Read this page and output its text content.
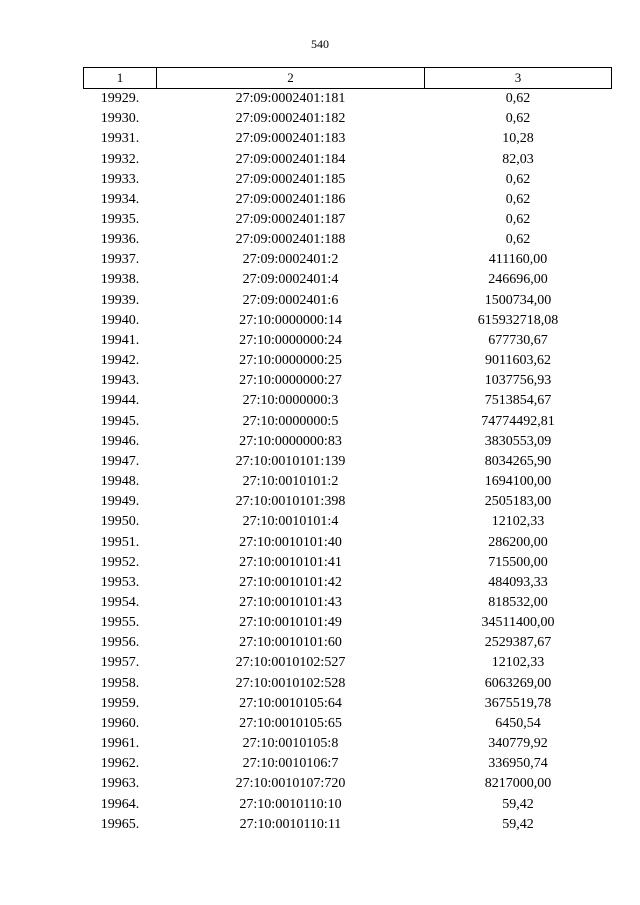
540
1	2	3
19929.	27:09:0002401:181	0,62
19930.	27:09:0002401:182	0,62
19931.	27:09:0002401:183	10,28
19932.	27:09:0002401:184	82,03
19933.	27:09:0002401:185	0,62
19934.	27:09:0002401:186	0,62
19935.	27:09:0002401:187	0,62
19936.	27:09:0002401:188	0,62
19937.	27:09:0002401:2	411160,00
19938.	27:09:0002401:4	246696,00
19939.	27:09:0002401:6	1500734,00
19940.	27:10:0000000:14	615932718,08
19941.	27:10:0000000:24	677730,67
19942.	27:10:0000000:25	9011603,62
19943.	27:10:0000000:27	1037756,93
19944.	27:10:0000000:3	7513854,67
19945.	27:10:0000000:5	74774492,81
19946.	27:10:0000000:83	3830553,09
19947.	27:10:0010101:139	8034265,90
19948.	27:10:0010101:2	1694100,00
19949.	27:10:0010101:398	2505183,00
19950.	27:10:0010101:4	12102,33
19951.	27:10:0010101:40	286200,00
19952.	27:10:0010101:41	715500,00
19953.	27:10:0010101:42	484093,33
19954.	27:10:0010101:43	818532,00
19955.	27:10:0010101:49	34511400,00
19956.	27:10:0010101:60	2529387,67
19957.	27:10:0010102:527	12102,33
19958.	27:10:0010102:528	6063269,00
19959.	27:10:0010105:64	3675519,78
19960.	27:10:0010105:65	6450,54
19961.	27:10:0010105:8	340779,92
19962.	27:10:0010106:7	336950,74
19963.	27:10:0010107:720	8217000,00
19964.	27:10:0010110:10	59,42
19965.	27:10:0010110:11	59,42
